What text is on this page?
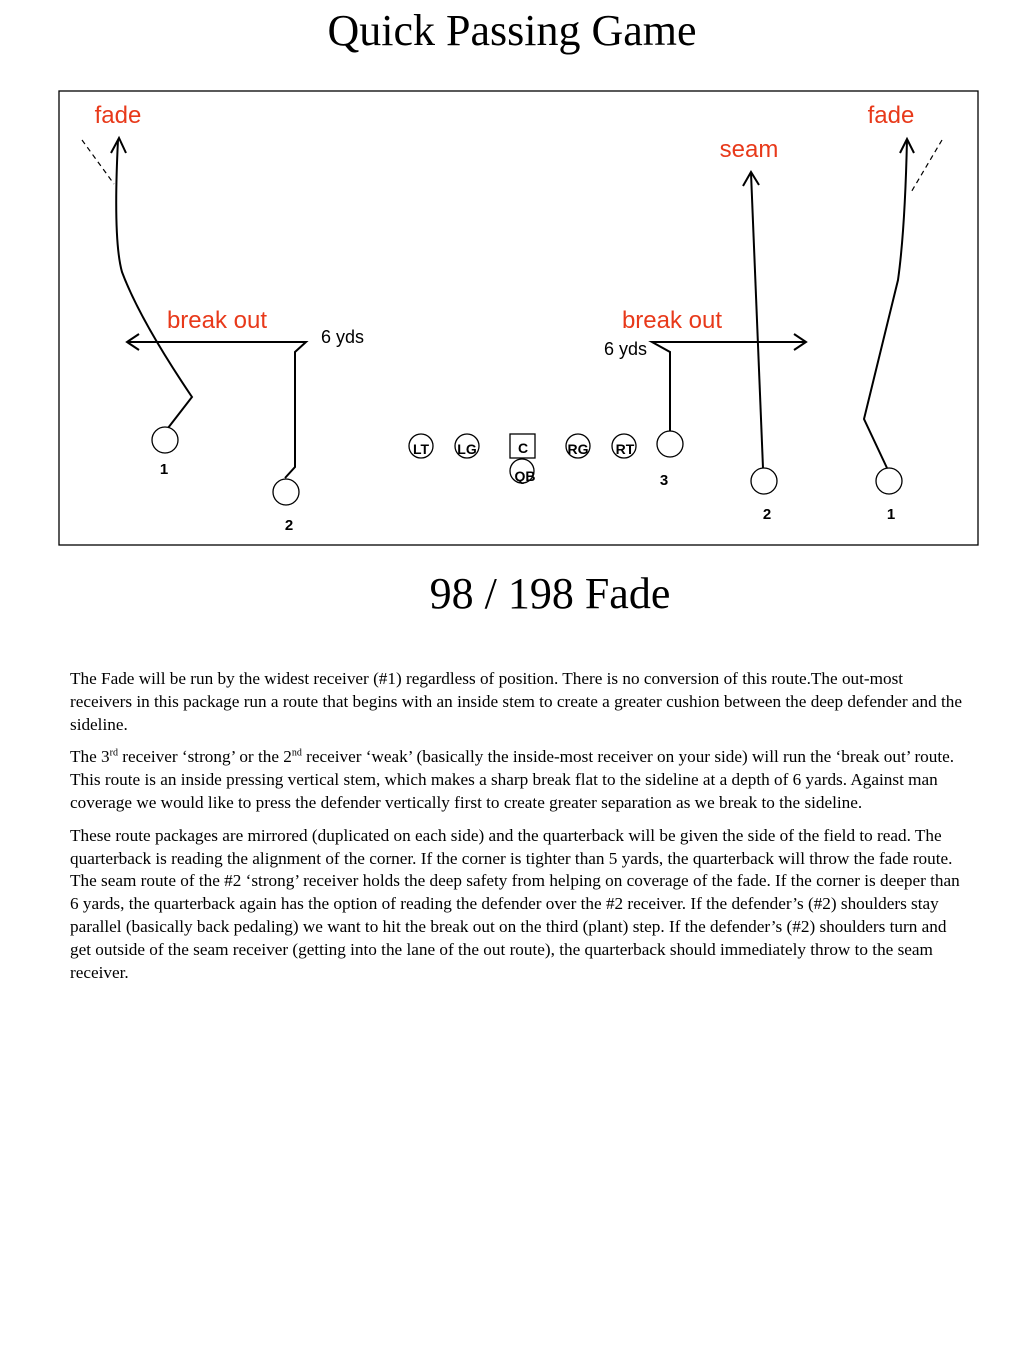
Quick Passing Game
fade	fade
seam
break out	break out
6 yds
6 yds
1
2
3
2	1
LT LG	C	RG RT
QB
98 / 198 Fade

The Fade will be run by the widest receiver (#1) regardless of position. There is no conversion of this route.The out-most receivers in this package run a route that begins with an inside stem to create a greater cushion between the deep defender and the sideline.

The 3rd receiver ‘strong’ or the 2nd receiver ‘weak’ (basically the inside-most receiver on your side) will run the ‘break out’ route. This route is an inside pressing vertical stem, which makes a sharp break flat to the sideline at a depth of 6 yards. Against man coverage we would like to press the defender vertically first to create greater separation as we break to the sideline.

These route packages are mirrored (duplicated on each side) and the quarterback will be given the side of the field to read. The quarterback is reading the alignment of the corner. If the corner is tighter than 5 yards, the quarterback will throw the fade route. The seam route of the #2 ‘strong’ receiver holds the deep safety from helping on coverage of the fade. If the corner is deeper than 6 yards, the quarterback again has the option of reading the defender over the #2 receiver. If the defender’s (#2) shoulders stay parallel (basically back pedaling) we want to hit the break out on the third (plant) step. If the defender’s (#2) shoulders turn and get outside of the seam receiver (getting into the lane of the out route), the quarterback should immediately throw to the seam receiver.
